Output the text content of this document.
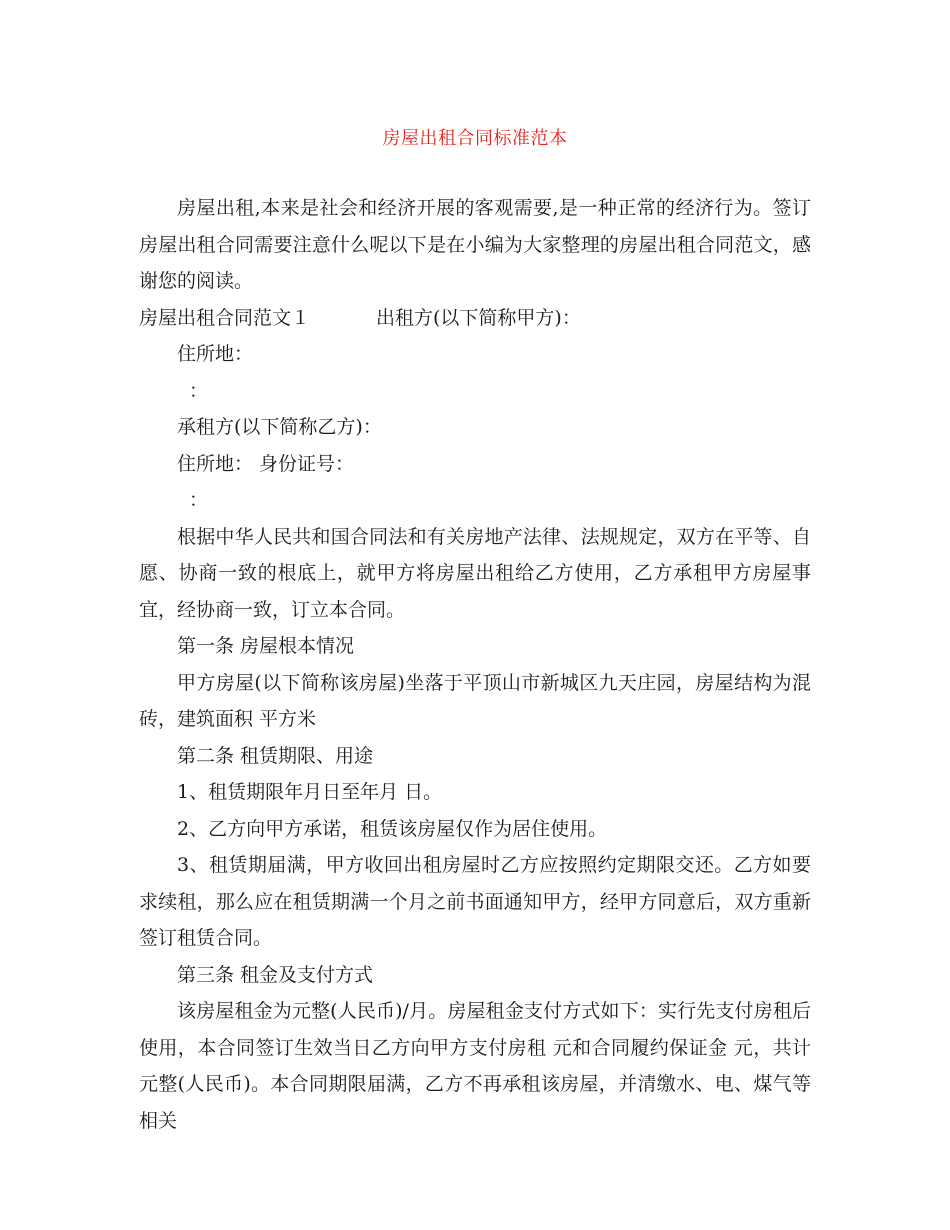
房屋出租合同标准范本

房屋出租,本来是社会和经济开展的客观需要,是一种正常的经济行为。签订房屋出租合同需要注意什么呢以下是在小编为大家整理的房屋出租合同范文，感谢您的阅读。

房屋出租合同范文１	出租方(以下简称甲方)：

住所地：

：

承租方(以下简称乙方)：

住所地： 身份证号：

：

根据中华人民共和国合同法和有关房地产法律、法规规定，双方在平等、自愿、协商一致的根底上，就甲方将房屋出租给乙方使用，乙方承租甲方房屋事宜，经协商一致，订立本合同。

第一条 房屋根本情况

甲方房屋(以下简称该房屋)坐落于平顶山市新城区九天庄园，房屋结构为混砖，建筑面积 平方米

第二条 租赁期限、用途

1、租赁期限年月日至年月 日。

2、乙方向甲方承诺，租赁该房屋仅作为居住使用。

3、租赁期届满，甲方收回出租房屋时乙方应按照约定期限交还。乙方如要求续租，那么应在租赁期满一个月之前书面通知甲方，经甲方同意后，双方重新签订租赁合同。

第三条 租金及支付方式

该房屋租金为元整(人民币)/月。房屋租金支付方式如下：实行先支付房租后使用，本合同签订生效当日乙方向甲方支付房租 元和合同履约保证金 元，共计 元整(人民币)。本合同期限届满，乙方不再承租该房屋，并清缴水、电、煤气等相关
